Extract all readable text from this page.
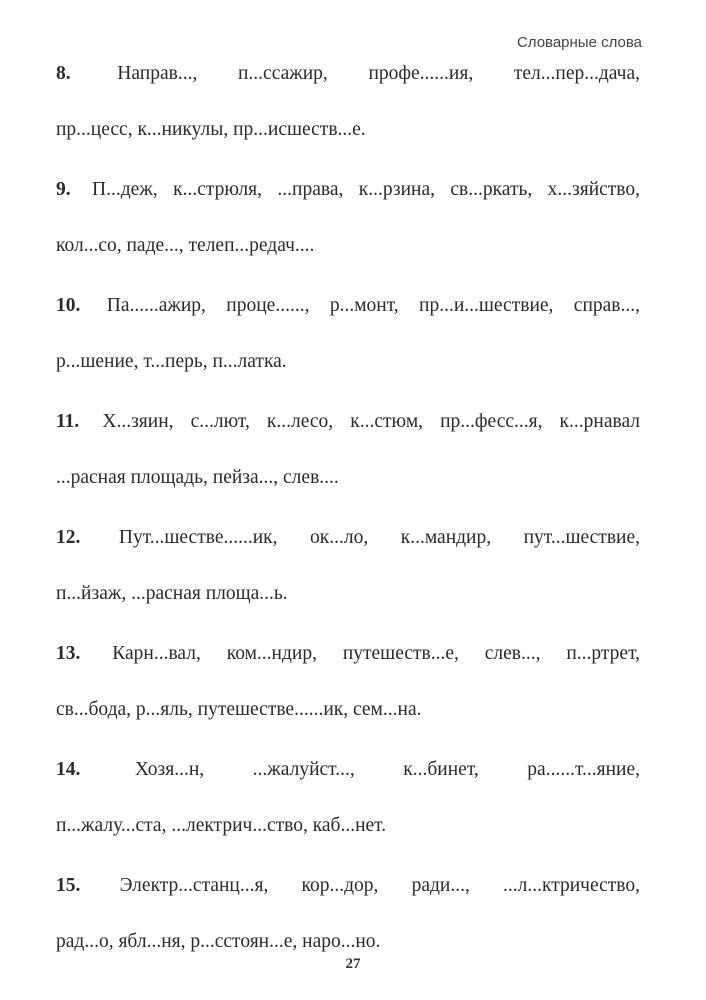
Словарные слова
8. Направ..., п...ссажир, профе......ия, тел...пер...дача,
пр...цесс, к...никулы, пр...исшеств...е.
9. П...деж, к...стрюля, ...права, к...рзина, св...ркать, х...зяйство,
кол...со, паде..., телеп...редач....
10. Па......ажир, проце......, р...монт, пр...и...шествие, справ...,
р...шение, т...перь, п...латка.
11. Х...зяин, с...лют, к...лесо, к...стюм, пр...фесс...я, к...рнавал
...расная площадь, пейза..., слев....
12. Пут...шестве......ик, ок...ло, к...мандир, пут...шествие,
п...йзаж, ...расная площа...ь.
13. Карн...вал, ком...ндир, путешеств...е, слев..., п...ртрет,
св...бода, р...яль, путешестве......ик, сем...на.
14.	Хозя...н, ...жалуйст..., к...бинет, ра......т...яние,
п...жалу...ста, ...лектрич...ство, каб...нет.
15. Электр...станц...я, кор...дор, ради..., ...л...ктричество,
рад...о, ябл...ня, р...сстоян...е, наро...но.
27
